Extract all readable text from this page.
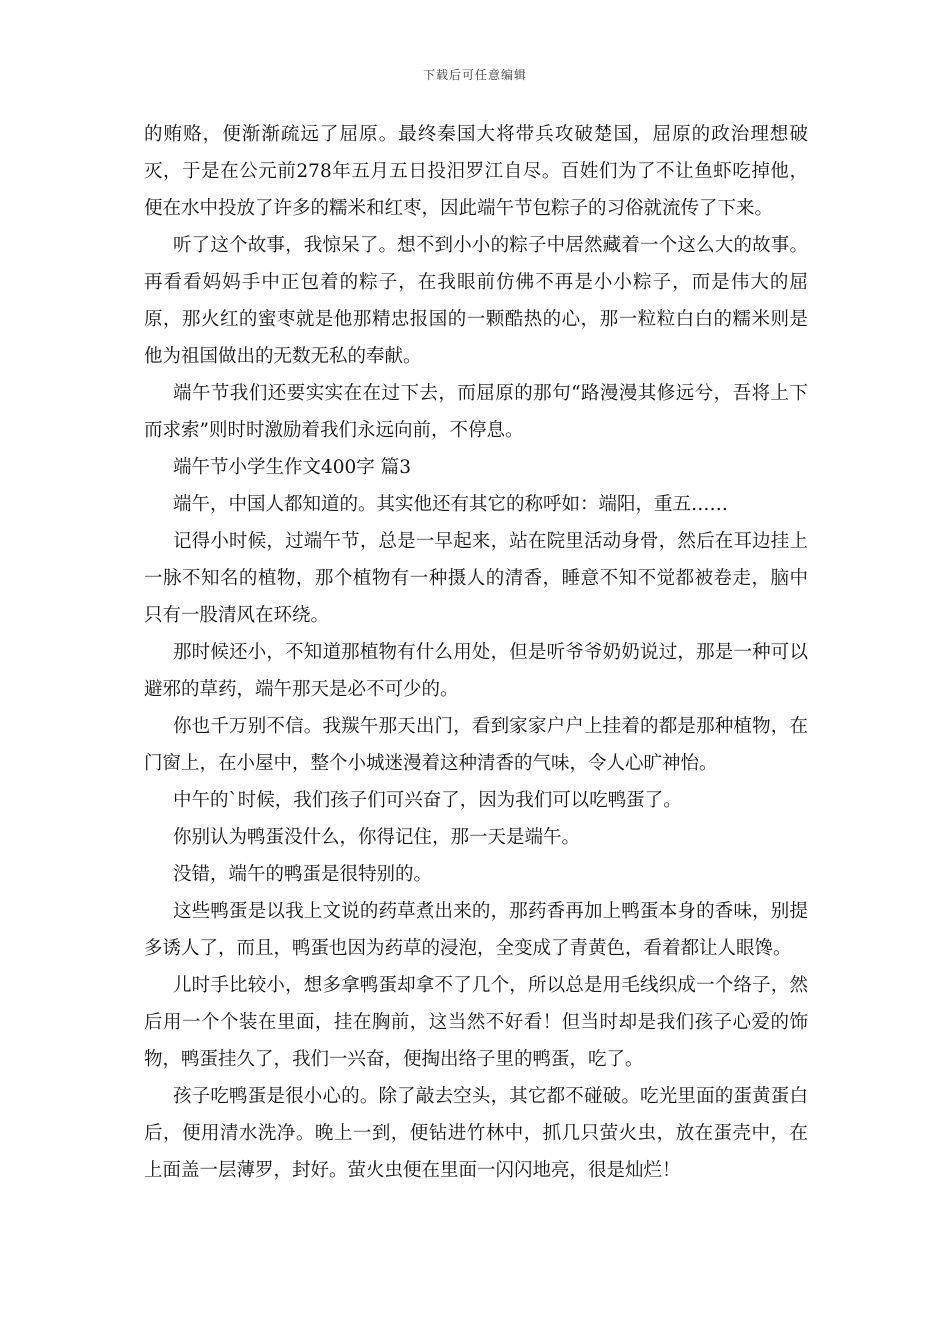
下载后可任意编辑

的贿赂，便渐渐疏远了屈原。最终秦国大将带兵攻破楚国，屈原的政治理想破灭，于是在公元前278年五月五日投汨罗江自尽。百姓们为了不让鱼虾吃掉他，便在水中投放了许多的糯米和红枣，因此端午节包粽子的习俗就流传了下来。

听了这个故事，我惊呆了。想不到小小的粽子中居然藏着一个这么大的故事。再看看妈妈手中正包着的粽子，在我眼前仿佛不再是小小粽子，而是伟大的屈原，那火红的蜜枣就是他那精忠报国的一颗酷热的心，那一粒粒白白的糯米则是他为祖国做出的无数无私的奉献。

端午节我们还要实实在在过下去，而屈原的那句“路漫漫其修远兮，吾将上下而求索”则时时激励着我们永远向前，不停息。

端午节小学生作文400字 篇3

端午，中国人都知道的。其实他还有其它的称呼如：端阳，重五……

记得小时候，过端午节，总是一早起来，站在院里活动身骨，然后在耳边挂上一脉不知名的植物，那个植物有一种摄人的清香，睡意不知不觉都被卷走，脑中只有一股清风在环绕。

那时候还小，不知道那植物有什么用处，但是听爷爷奶奶说过，那是一种可以避邪的草药，端午那天是必不可少的。

你也千万别不信。我羰午那天出门，看到家家户户上挂着的都是那种植物，在门窗上，在小屋中，整个小城迷漫着这种清香的气味，令人心旷神怡。

中午的`时候，我们孩子们可兴奋了，因为我们可以吃鸭蛋了。

你别认为鸭蛋没什么，你得记住，那一天是端午。

没错，端午的鸭蛋是很特别的。

这些鸭蛋是以我上文说的药草煮出来的，那药香再加上鸭蛋本身的香味，别提多诱人了，而且，鸭蛋也因为药草的浸泡，全变成了青黄色，看着都让人眼馋。

儿时手比较小，想多拿鸭蛋却拿不了几个，所以总是用毛线织成一个络子，然后用一个个装在里面，挂在胸前，这当然不好看！但当时却是我们孩子心爱的饰物，鸭蛋挂久了，我们一兴奋，便掏出络子里的鸭蛋，吃了。

孩子吃鸭蛋是很小心的。除了敲去空头，其它都不碰破。吃光里面的蛋黄蛋白后，便用清水洗净。晚上一到，便钻进竹林中，抓几只萤火虫，放在蛋壳中，在上面盖一层薄罗，封好。萤火虫便在里面一闪闪地亮，很是灿烂！
